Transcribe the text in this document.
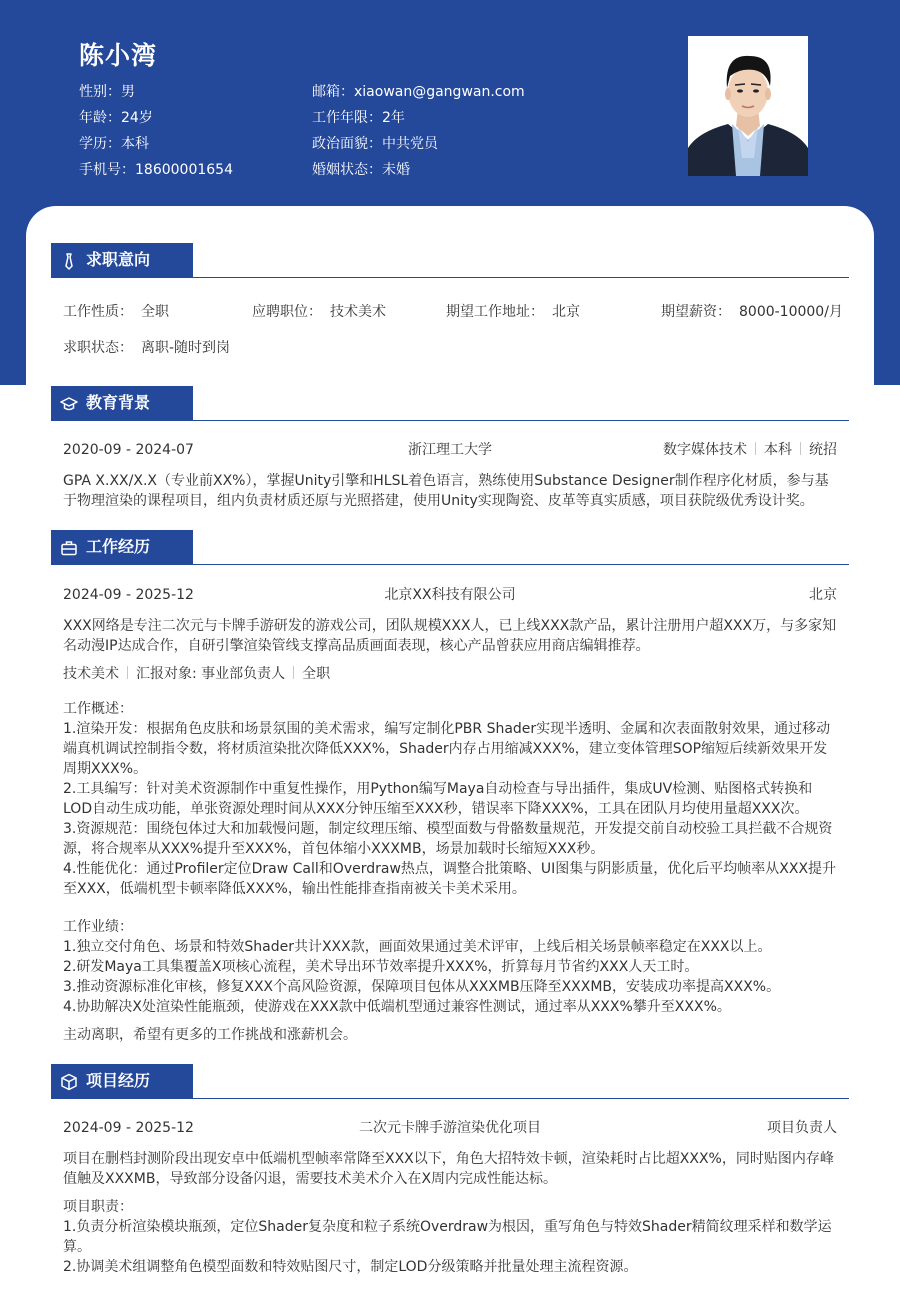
陈小湾
性别：男
年龄：24岁
学历：本科
手机号：18600001654
邮箱：xiaowan@gangwan.com
工作年限：2年
政治面貌：中共党员
婚姻状态：未婚
求职意向
工作性质： 全职	应聘职位： 技术美术	期望工作地址： 北京	期望薪资： 8000-10000/月
求职状态： 离职-随时到岗
教育背景
2020-09 - 2024-07	浙江理工大学	数字媒体技术 本科 统招
GPA X.XX/X.X（专业前XX%），掌握Unity引擎和HLSL着色语言，熟练使用Substance Designer制作程序化材质，参与基于物理渲染的课程项目，组内负责材质还原与光照搭建，使用Unity实现陶瓷、皮革等真实质感，项目获院级优秀设计奖。
工作经历
2024-09 - 2025-12	北京XX科技有限公司	北京
XXX网络是专注二次元与卡牌手游研发的游戏公司，团队规模XXX人，已上线XXX款产品，累计注册用户超XXX万，与多家知名动漫IP达成合作，自研引擎渲染管线支撑高品质画面表现，核心产品曾获应用商店编辑推荐。
技术美术 汇报对象: 事业部负责人 全职
工作概述：
1.渲染开发：根据角色皮肤和场景氛围的美术需求，编写定制化PBR Shader实现半透明、金属和次表面散射效果，通过移动端真机调试控制指令数，将材质渲染批次降低XXX%，Shader内存占用缩减XXX%，建立变体管理SOP缩短后续新效果开发周期XXX%。
2.工具编写：针对美术资源制作中重复性操作，用Python编写Maya自动检查与导出插件，集成UV检测、贴图格式转换和LOD自动生成功能，单张资源处理时间从XXX分钟压缩至XXX秒，错误率下降XXX%，工具在团队月均使用量超XXX次。
3.资源规范：围绕包体过大和加载慢问题，制定纹理压缩、模型面数与骨骼数量规范，开发提交前自动校验工具拦截不合规资源，将合规率从XXX%提升至XXX%，首包体缩小XXXMB，场景加载时长缩短XXX秒。
4.性能优化：通过Profiler定位Draw Call和Overdraw热点，调整合批策略、UI图集与阴影质量，优化后平均帧率从XXX提升至XXX，低端机型卡顿率降低XXX%，输出性能排查指南被关卡美术采用。
工作业绩：
1.独立交付角色、场景和特效Shader共计XXX款，画面效果通过美术评审，上线后相关场景帧率稳定在XXX以上。
2.研发Maya工具集覆盖X项核心流程，美术导出环节效率提升XXX%，折算每月节省约XXX人天工时。
3.推动资源标准化审核，修复XXX个高风险资源，保障项目包体从XXXMB压降至XXXMB，安装成功率提高XXX%。
4.协助解决X处渲染性能瓶颈，使游戏在XXX款中低端机型通过兼容性测试，通过率从XXX%攀升至XXX%。
主动离职，希望有更多的工作挑战和涨薪机会。
项目经历
2024-09 - 2025-12	二次元卡牌手游渲染优化项目	项目负责人
项目在删档封测阶段出现安卓中低端机型帧率常降至XXX以下，角色大招特效卡顿，渲染耗时占比超XXX%，同时贴图内存峰值触及XXXMB，导致部分设备闪退，需要技术美术介入在X周内完成性能达标。
项目职责：
1.负责分析渲染模块瓶颈，定位Shader复杂度和粒子系统Overdraw为根因，重写角色与特效Shader精简纹理采样和数学运算。
2.协调美术组调整角色模型面数和特效贴图尺寸，制定LOD分级策略并批量处理主流程资源。
